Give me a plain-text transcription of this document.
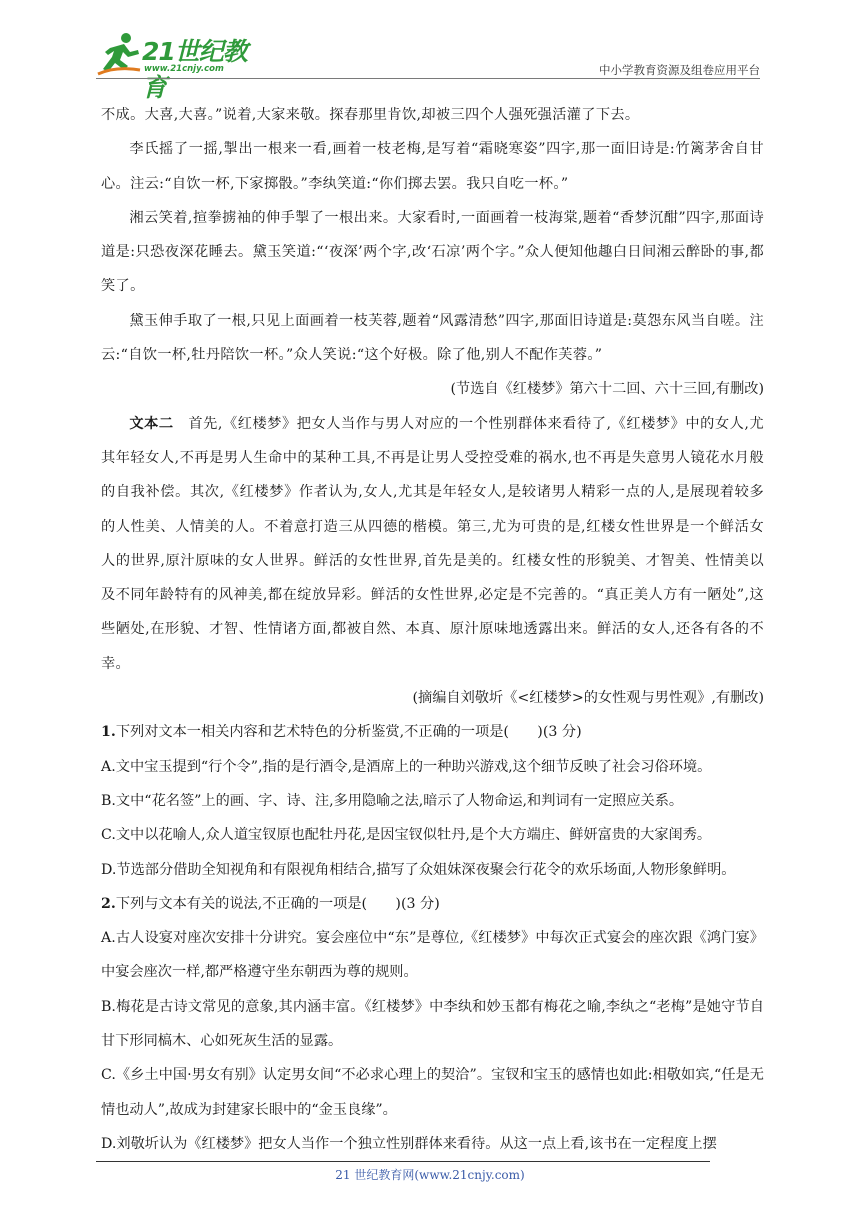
21世纪教育
www.21cnjy.com	中小学教育资源及组卷应用平台

不成。大喜,大喜。”说着,大家来敬。探春那里肯饮,却被三四个人强死强活灌了下去。

李氏摇了一摇,掣出一根来一看,画着一枝老梅,是写着“霜晓寒姿”四字,那一面旧诗是:竹篱茅舍自甘心。注云:“自饮一杯,下家掷骰。”李纨笑道:“你们掷去罢。我只自吃一杯。”

湘云笑着,揎拳掳袖的伸手掣了一根出来。大家看时,一面画着一枝海棠,题着“香梦沉酣”四字,那面诗道是:只恐夜深花睡去。黛玉笑道:“‘夜深’两个字,改‘石凉’两个字。”众人便知他趣白日间湘云醉卧的事,都笑了。

黛玉伸手取了一根,只见上面画着一枝芙蓉,题着“风露清愁”四字,那面旧诗道是:莫怨东风当自嗟。注云:“自饮一杯,牡丹陪饮一杯。”众人笑说:“这个好极。除了他,别人不配作芙蓉。”

(节选自《红楼梦》第六十二回、六十三回,有删改)

文本二　 首先,《红楼梦》把女人当作与男人对应的一个性别群体来看待了,《红楼梦》中的女人,尤其年轻女人,不再是男人生命中的某种工具,不再是让男人受控受难的祸水,也不再是失意男人镜花水月般的自我补偿。其次,《红楼梦》作者认为,女人,尤其是年轻女人,是较诸男人精彩一点的人,是展现着较多的人性美、人情美的人。不着意打造三从四德的楷模。第三,尤为可贵的是,红楼女性世界是一个鲜活女人的世界,原汁原味的女人世界。鲜活的女性世界,首先是美的。红楼女性的形貌美、才智美、性情美以及不同年龄特有的风神美,都在绽放异彩。鲜活的女性世界,必定是不完善的。“真正美人方有一陋处”,这些陋处,在形貌、才智、性情诸方面,都被自然、本真、原汁原味地透露出来。鲜活的女人,还各有各的不幸。

(摘编自刘敬圻《<红楼梦>的女性观与男性观》,有删改)

1.下列对文本一相关内容和艺术特色的分析鉴赏,不正确的一项是(　　)(3 分)

A.文中宝玉提到“行个令”,指的是行酒令,是酒席上的一种助兴游戏,这个细节反映了社会习俗环境。

B.文中“花名签”上的画、字、诗、注,多用隐喻之法,暗示了人物命运,和判词有一定照应关系。

C.文中以花喻人,众人道宝钗原也配牡丹花,是因宝钗似牡丹,是个大方端庄、鲜妍富贵的大家闺秀。

D.节选部分借助全知视角和有限视角相结合,描写了众姐妹深夜聚会行花令的欢乐场面,人物形象鲜明。

2.下列与文本有关的说法,不正确的一项是(　　)(3 分)

A.古人设宴对座次安排十分讲究。宴会座位中“东”是尊位,《红楼梦》中每次正式宴会的座次跟《鸿门宴》中宴会座次一样,都严格遵守坐东朝西为尊的规则。

B.梅花是古诗文常见的意象,其内涵丰富。《红楼梦》中李纨和妙玉都有梅花之喻,李纨之“老梅”是她守节自甘下形同槁木、心如死灰生活的显露。

C.《乡土中国·男女有别》认定男女间“不必求心理上的契洽”。宝钗和宝玉的感情也如此:相敬如宾,“任是无情也动人”,故成为封建家长眼中的“金玉良缘”。

D.刘敬圻认为《红楼梦》把女人当作一个独立性别群体来看待。从这一点上看,该书在一定程度上摆

21 世纪教育网(www.21cnjy.com)
